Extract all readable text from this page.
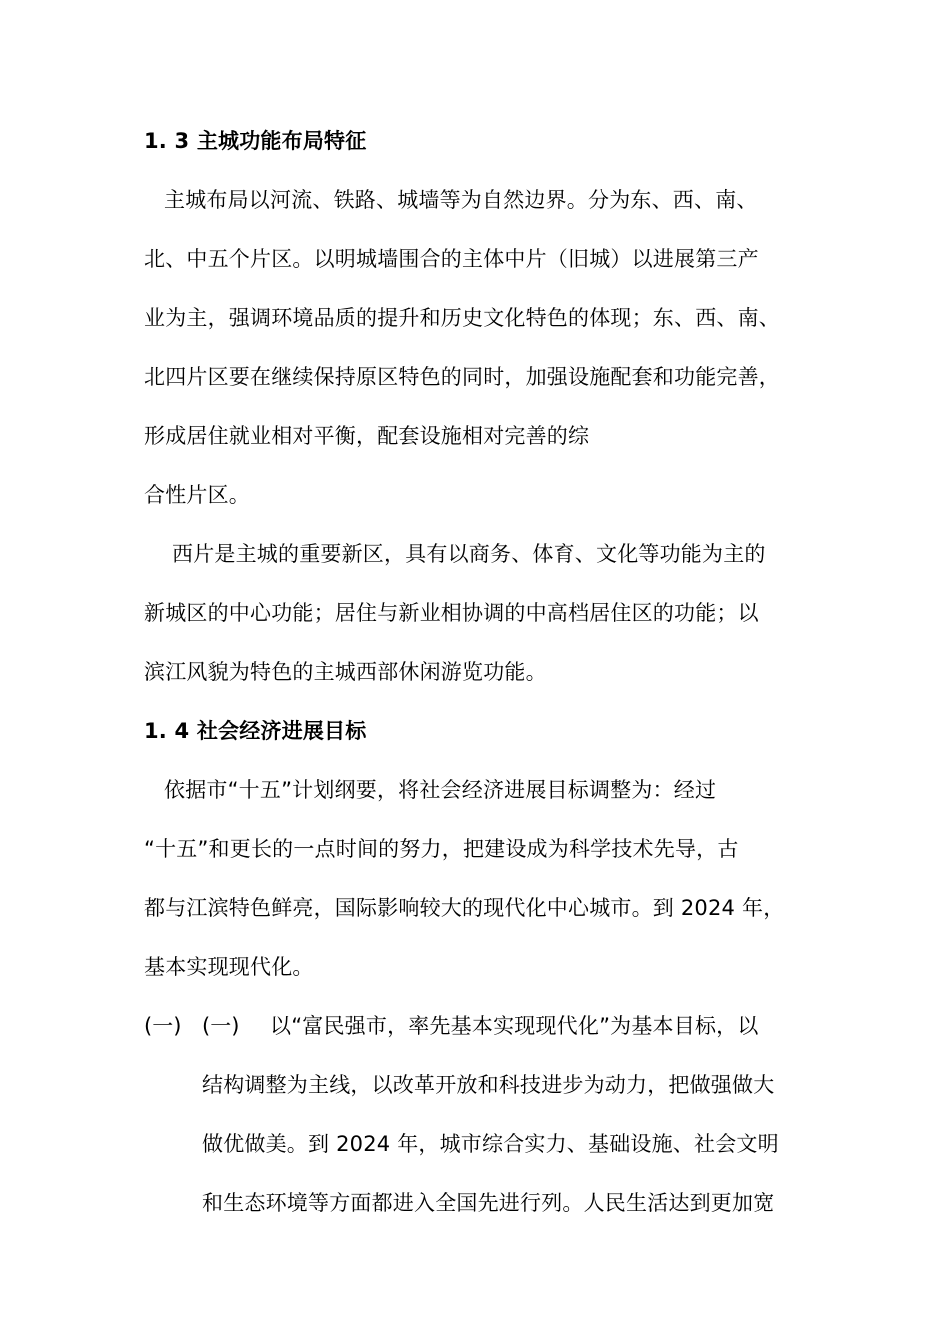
1. 3 主城功能布局特征
主城布局以河流、铁路、城墙等为自然边界。分为东、西、南、
北、中五个片区。以明城墙围合的主体中片（旧城）以进展第三产
业为主，强调环境品质的提升和历史文化特色的体现；东、西、南、
北四片区要在继续保持原区特色的同时，加强设施配套和功能完善，
形成居住就业相对平衡，配套设施相对完善的综
合性片区。
西片是主城的重要新区，具有以商务、体育、文化等功能为主的
新城区的中心功能；居住与新业相协调的中高档居住区的功能；以
滨江风貌为特色的主城西部休闲游览功能。
1. 4 社会经济进展目标
依据市“十五”计划纲要，将社会经济进展目标调整为：经过
“十五”和更长的一点时间的努力，把建设成为科学技术先导，古
都与江滨特色鲜亮，国际影响较大的现代化中心城市。到 2024 年，
基本实现现代化。
(一) (一) 以“富民强市，率先基本实现现代化”为基本目标，以
结构调整为主线，以改革开放和科技进步为动力，把做强做大
做优做美。到 2024 年，城市综合实力、基础设施、社会文明
和生态环境等方面都进入全国先进行列。人民生活达到更加宽
